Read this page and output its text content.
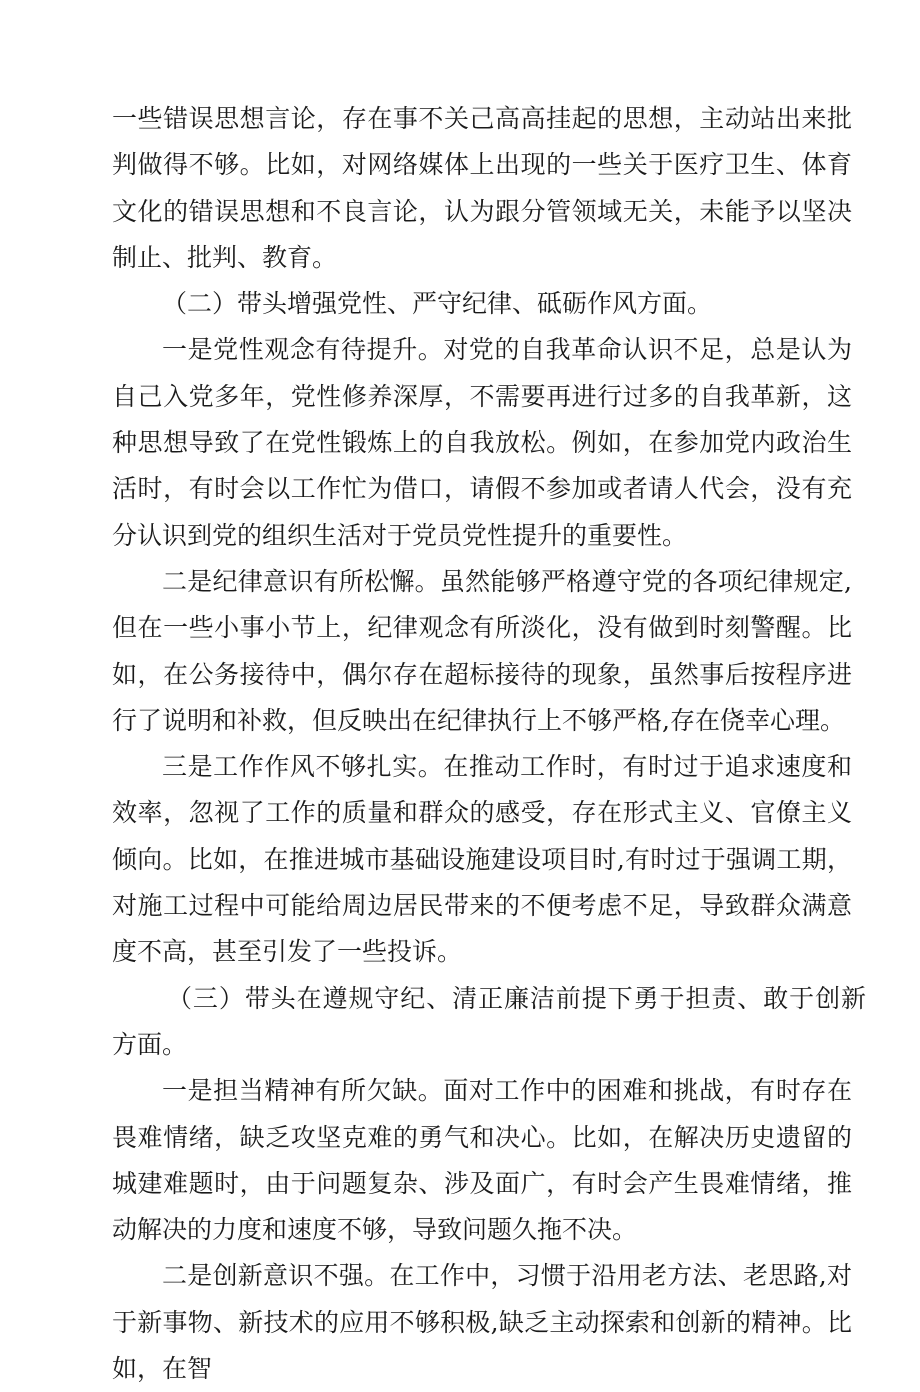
一些错误思想言论，存在事不关己高高挂起的思想，主动站出来批判做得不够。比如，对网络媒体上出现的一些关于医疗卫生、体育文化的错误思想和不良言论，认为跟分管领域无关，未能予以坚决制止、批判、教育。

（二）带头增强党性、严守纪律、砥砺作风方面。

一是党性观念有待提升。对党的自我革命认识不足，总是认为自己入党多年，党性修养深厚，不需要再进行过多的自我革新，这种思想导致了在党性锻炼上的自我放松。例如，在参加党内政治生活时，有时会以工作忙为借口，请假不参加或者请人代会，没有充分认识到党的组织生活对于党员党性提升的重要性。

二是纪律意识有所松懈。虽然能够严格遵守党的各项纪律规定,但在一些小事小节上，纪律观念有所淡化，没有做到时刻警醒。比如，在公务接待中，偶尔存在超标接待的现象，虽然事后按程序进行了说明和补救，但反映出在纪律执行上不够严格,存在侥幸心理。

三是工作作风不够扎实。在推动工作时，有时过于追求速度和效率，忽视了工作的质量和群众的感受，存在形式主义、官僚主义倾向。比如，在推进城市基础设施建设项目时,有时过于强调工期，对施工过程中可能给周边居民带来的不便考虑不足，导致群众满意度不高，甚至引发了一些投诉。

（三）带头在遵规守纪、清正廉洁前提下勇于担责、敢于创新方面。

一是担当精神有所欠缺。面对工作中的困难和挑战，有时存在畏难情绪，缺乏攻坚克难的勇气和决心。比如，在解决历史遗留的城建难题时，由于问题复杂、涉及面广，有时会产生畏难情绪，推动解决的力度和速度不够，导致问题久拖不决。

二是创新意识不强。在工作中，习惯于沿用老方法、老思路,对于新事物、新技术的应用不够积极,缺乏主动探索和创新的精神。比如，在智
